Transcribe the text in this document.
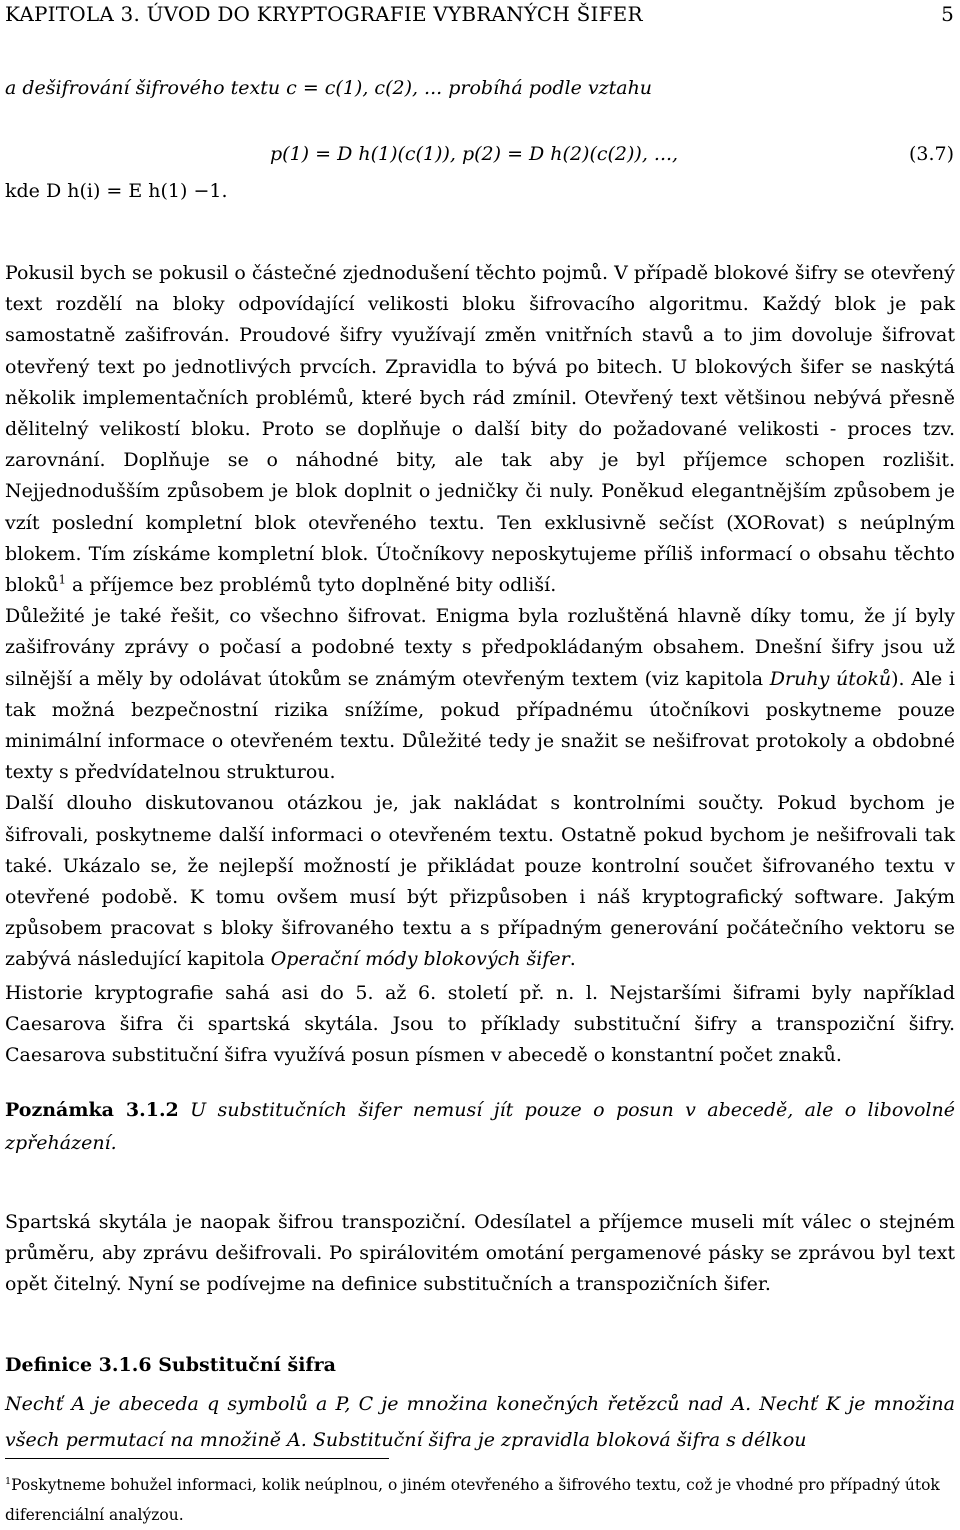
KAPITOLA 3. ÚVOD DO KRYPTOGRAFIE VYBRANÝCH ŠIFER	5
a dešifrování šifrového textu c = c(1), c(2), ... probíhá podle vztahu
p(1) = D h(1)(c(1)), p(2) = D h(2)(c(2)), ...,	(3.7)
kde D h(i) = E h(1) −1.
Pokusil bych se pokusil o částečné zjednodušení těchto pojmů. V případě blokové šifry se otevřený text rozdělí na bloky odpovídající velikosti bloku šifrovacího algoritmu. Každý blok je pak samostatně zašifrován. Proudové šifry využívají změn vnitřních stavů a to jim dovoluje šifrovat otevřený text po jednotlivých prvcích. Zpravidla to bývá po bitech. U blokových šifer se naskýtá několik implementačních problémů, které bych rád zmínil. Otevřený text většinou nebývá přesně dělitelný velikostí bloku. Proto se doplňuje o další bity do požadované velikosti - proces tzv. zarovnání. Doplňuje se o náhodné bity, ale tak aby je byl příjemce schopen rozlišit. Nejjednodušším způsobem je blok doplnit o jedničky či nuly. Poněkud elegantnějším způsobem je vzít poslední kompletní blok otevřeného textu. Ten exklusivně sečíst (XORovat) s neúplným blokem. Tím získáme kompletní blok. Útočníkovy neposkytujeme příliš informací o obsahu těchto bloků$^1$ a příjemce bez problémů tyto doplněné bity odliší.
Důležité je také řešit, co všechno šifrovat. Enigma byla rozluštěná hlavně díky tomu, že jí byly zašifrovány zprávy o počasí a podobné texty s předpokládaným obsahem. Dnešní šifry jsou už silnější a měly by odolávat útokům se známým otevřeným textem (viz kapitola Druhy útoků). Ale i tak možná bezpečnostní rizika snížíme, pokud případnému útočníkovi poskytneme pouze minimální informace o otevřeném textu. Důležité tedy je snažit se nešifrovat protokoly a obdobné texty s předvídatelnou strukturou.
Další dlouho diskutovanou otázkou je, jak nakládat s kontrolními součty. Pokud bychom je šifrovali, poskytneme další informaci o otevřeném textu. Ostatně pokud bychom je nešifrovali tak také. Ukázalo se, že nejlepší možností je přikládat pouze kontrolní součet šifrovaného textu v otevřené podobě. K tomu ovšem musí být přizpůsoben i náš kryptografický software. Jakým způsobem pracovat s bloky šifrovaného textu a s případným generování počátečního vektoru se zabývá následující kapitola Operační módy blokových šifer.
Historie kryptografie sahá asi do 5. až 6. století př. n. l. Nejstaršími šiframi byly například Caesarova šifra či spartská skytála. Jsou to příklady substituční šifry a transpoziční šifry. Caesarova substituční šifra využívá posun písmen v abecedě o konstantní počet znaků.
Poznámka 3.1.2 U substitučních šifer nemusí jít pouze o posun v abecedě, ale o libovolné zpřeházení.
Spartská skytála je naopak šifrou transpoziční. Odesílatel a příjemce museli mít válec o stejném průměru, aby zprávu dešifrovali. Po spirálovitém omotání pergamenové pásky se zprávou byl text opět čitelný. Nyní se podívejme na definice substitučních a transpozičních šifer.
Definice 3.1.6 Substituční šifra
Nechť A je abeceda q symbolů a P, C je množina konečných řetězců nad A. Nechť K je množina všech permutací na množině A. Substituční šifra je zpravidla bloková šifra s délkou
$^1$Poskytneme bohužel informaci, kolik neúplnou, o jiném otevřeného a šifrového textu, což je vhodné pro případný útok diferenciální analýzou.
